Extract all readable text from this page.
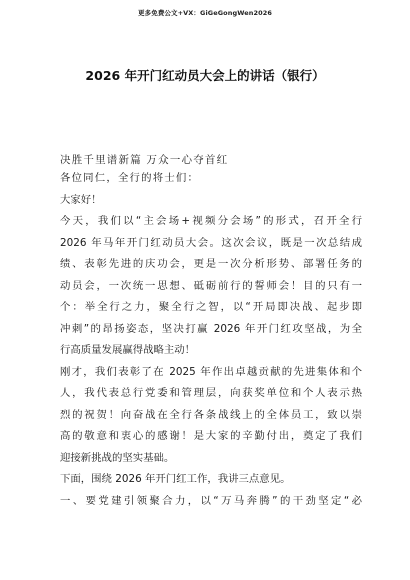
更多免费公文+VX：GiGeGongWen2026
2026 年开门红动员大会上的讲话（银行）
决胜千里谱新篇 万众一心夺首红
各位同仁，全行的将士们：
大家好！
今天，我们以“主会场+视频分会场”的形式，召开全行
2026 年马年开门红动员大会。这次会议，既是一次总结成
绩、表彰先进的庆功会，更是一次分析形势、部署任务的
动员会，一次统一思想、砥砺前行的誓师会！目的只有一
个：举全行之力，聚全行之智，以“开局即决战、起步即
冲刺”的昂扬姿态，坚决打赢 2026 年开门红攻坚战，为全
行高质量发展赢得战略主动！
刚才，我们表彰了在 2025 年作出卓越贡献的先进集体和个
人，我代表总行党委和管理层，向获奖单位和个人表示热
烈的祝贺！向奋战在全行各条战线上的全体员工，致以崇
高的敬意和衷心的感谢！是大家的辛勤付出，奠定了我们
迎接新挑战的坚实基础。
下面，围绕 2026 年开门红工作，我讲三点意见。
一、要党建引领聚合力，以“万马奔腾”的干劲坚定“必
